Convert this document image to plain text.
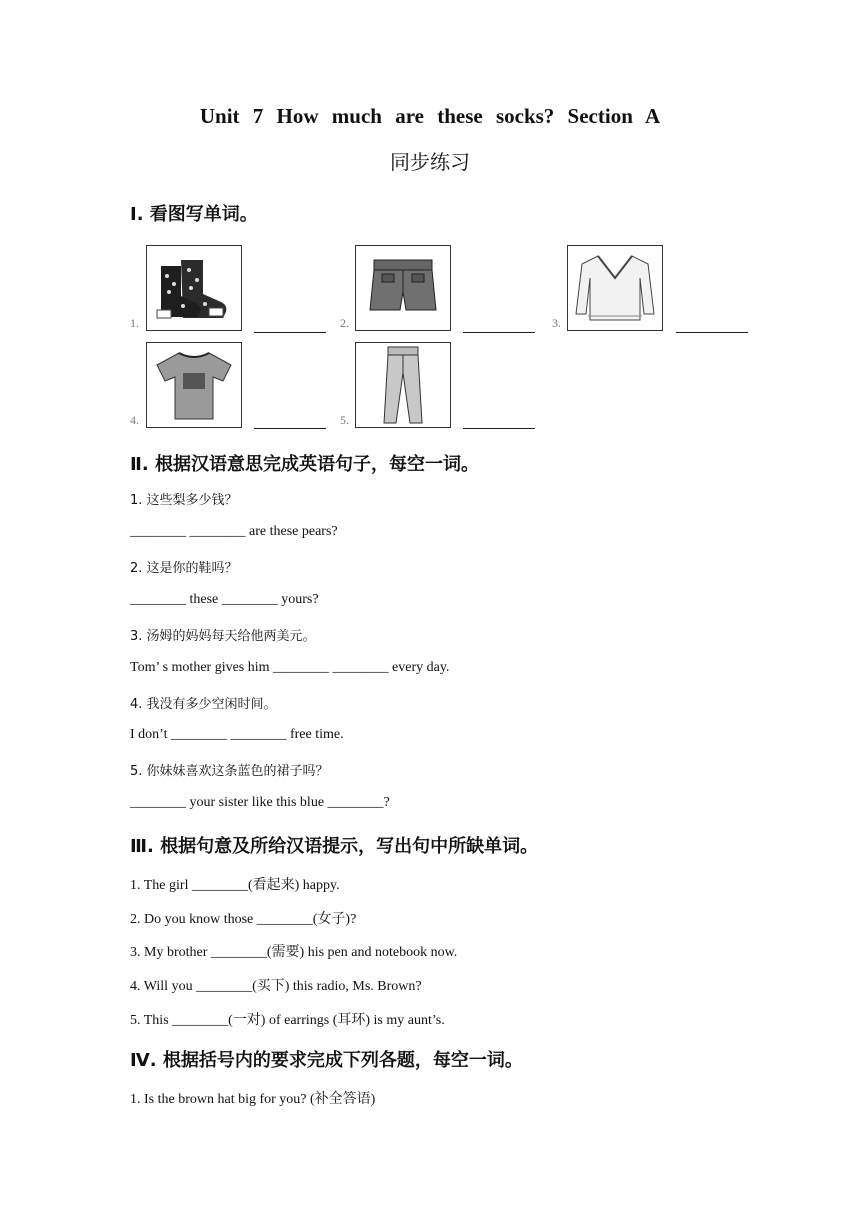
Unit 7 How much are these socks? Section A
同步练习
Ⅰ. 看图写单词。
1.	2.	3.
4.	5.
Ⅱ. 根据汉语意思完成英语句子，每空一词。
1. 这些梨多少钱？
________ ________ are these pears?
2. 这是你的鞋吗？
________ these ________ yours?
3. 汤姆的妈妈每天给他两美元。
Tom’ s mother gives him ________ ________ every day.
4. 我没有多少空闲时间。
I don’t ________ ________ free time.
5. 你妹妹喜欢这条蓝色的裙子吗？
________ your sister like this blue ________?
Ⅲ. 根据句意及所给汉语提示，写出句中所缺单词。
1. The girl ________(看起来) happy.
2. Do you know those ________(女子)?
3. My brother ________(需要) his pen and notebook now.
4. Will you ________(买下) this radio, Ms. Brown?
5. This ________(一对) of earrings (耳环) is my aunt’s.
Ⅳ. 根据括号内的要求完成下列各题，每空一词。
1. Is the brown hat big for you? (补全答语)
